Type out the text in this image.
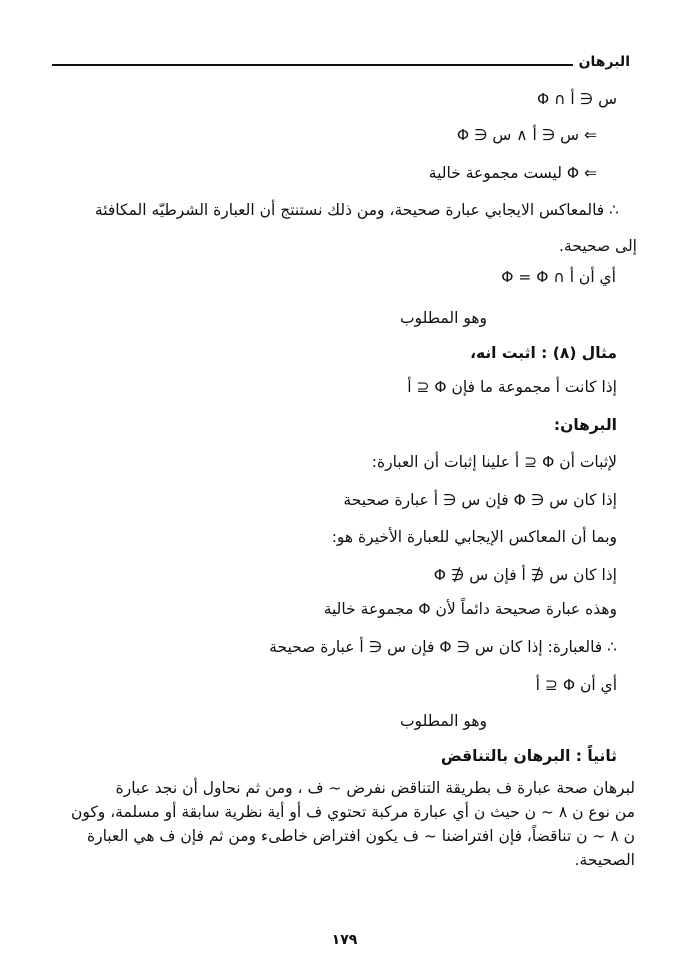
البرهان
س ∈ أ ∩ Φ
⇐ س ∈ أ ∧ س ∈ Φ
⇐ Φ ليست مجموعة خالية
∴ فالمعاكس الايجابي عبارة صحيحة، ومن ذلك نستنتج أن العبارة الشرطيّه المكافئة
إلى صحيحة.
أي أن أ ∩ Φ = Φ
وهو المطلوب
مثال (٨) : اثبت انه،
إذا كانت أ مجموعة ما فإن Φ ⊆ أ
البرهان:
لإثبات أن Φ ⊆ أ علينا إثبات أن العبارة:
إذا كان س ∈ Φ فإن س ∈ أ عبارة صحيحة
وبما أن المعاكس الإيجابي للعبارة الأخيرة هو:
إذا كان س ∉ أ فإن س ∉ Φ
وهذه عبارة صحيحة دائماً لأن Φ مجموعة خالية
∴ فالعبارة: إذا كان س ∈ Φ فإن س ∈ أ عبارة صحيحة
أي أن Φ ⊆ أ
وهو المطلوب
ثانياً : البرهان بالتناقض
لبرهان صحة عبارة ف بطريقة التناقض نفرض ~ ف ، ومن ثم نحاول أن نجد عبارة
من نوع ن ٨ ~ ن حيث ن أي عبارة مركبة تحتوي ف أو أية نظرية سابقة أو مسلمة، وكون
ن ٨ ~ ن تناقضاً، فإن افتراضنا ~ ف يكون افتراض خاطىء ومن ثم فإن ف هي العبارة
الصحيحة.
١٧٩
